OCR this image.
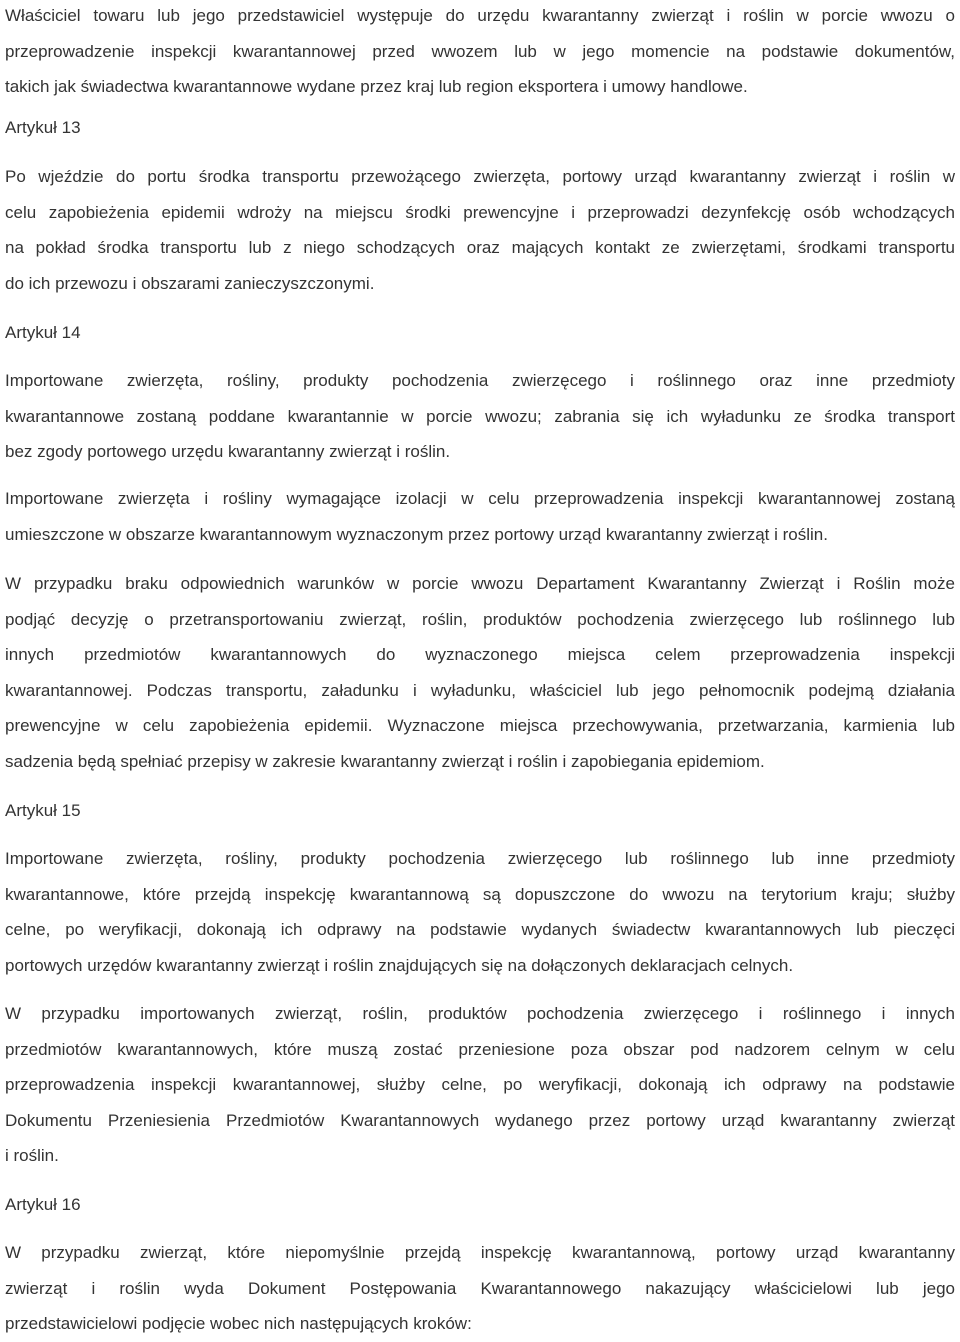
Właściciel towaru lub jego przedstawiciel występuje do urzędu kwarantanny zwierząt i roślin w porcie wwozu o
przeprowadzenie inspekcji kwarantannowej przed wwozem lub w jego momencie na podstawie dokumentów,
takich jak świadectwa kwarantannowe wydane przez kraj lub region eksportera i umowy handlowe.
Artykuł 13
Po wjeździe do portu środka transportu przewożącego zwierzęta, portowy urząd kwarantanny zwierząt i roślin w
celu zapobieżenia epidemii wdroży na miejscu środki prewencyjne i przeprowadzi dezynfekcję osób wchodzących
na pokład środka transportu lub z niego schodzących oraz mających kontakt ze zwierzętami, środkami transportu
do ich przewozu i obszarami zanieczyszczonymi.
Artykuł 14
Importowane zwierzęta, rośliny, produkty pochodzenia zwierzęcego i roślinnego oraz inne przedmioty
kwarantannowe zostaną poddane kwarantannie w porcie wwozu; zabrania się ich wyładunku ze środka transport
bez zgody portowego urzędu kwarantanny zwierząt i roślin.
Importowane zwierzęta i rośliny wymagające izolacji w celu przeprowadzenia inspekcji kwarantannowej zostaną
umieszczone w obszarze kwarantannowym wyznaczonym przez portowy urząd kwarantanny zwierząt i roślin.
W przypadku braku odpowiednich warunków w porcie wwozu Departament Kwarantanny Zwierząt i Roślin może
podjąć decyzję o przetransportowaniu zwierząt, roślin, produktów pochodzenia zwierzęcego lub roślinnego lub
innych przedmiotów kwarantannowych do wyznaczonego miejsca celem przeprowadzenia inspekcji
kwarantannowej. Podczas transportu, załadunku i wyładunku, właściciel lub jego pełnomocnik podejmą działania
prewencyjne w celu zapobieżenia epidemii. Wyznaczone miejsca przechowywania, przetwarzania, karmienia lub
sadzenia będą spełniać przepisy w zakresie kwarantanny zwierząt i roślin i zapobiegania epidemiom.
Artykuł 15
Importowane zwierzęta, rośliny, produkty pochodzenia zwierzęcego lub roślinnego lub inne przedmioty
kwarantannowe, które przejdą inspekcję kwarantannową są dopuszczone do wwozu na terytorium kraju; służby
celne, po weryfikacji, dokonają ich odprawy na podstawie wydanych świadectw kwarantannowych lub pieczęci
portowych urzędów kwarantanny zwierząt i roślin znajdujących się na dołączonych deklaracjach celnych.
W przypadku importowanych zwierząt, roślin, produktów pochodzenia zwierzęcego i roślinnego i innych
przedmiotów kwarantannowych, które muszą zostać przeniesione poza obszar pod nadzorem celnym w celu
przeprowadzenia inspekcji kwarantannowej, służby celne, po weryfikacji, dokonają ich odprawy na podstawie
Dokumentu Przeniesienia Przedmiotów Kwarantannowych wydanego przez portowy urząd kwarantanny zwierząt
i roślin.
Artykuł 16
W przypadku zwierząt, które niepomyślnie przejdą inspekcję kwarantannową, portowy urząd kwarantanny
zwierząt i roślin wyda Dokument Postępowania Kwarantannowego nakazujący właścicielowi lub jego
przedstawicielowi podjęcie wobec nich następujących kroków:
